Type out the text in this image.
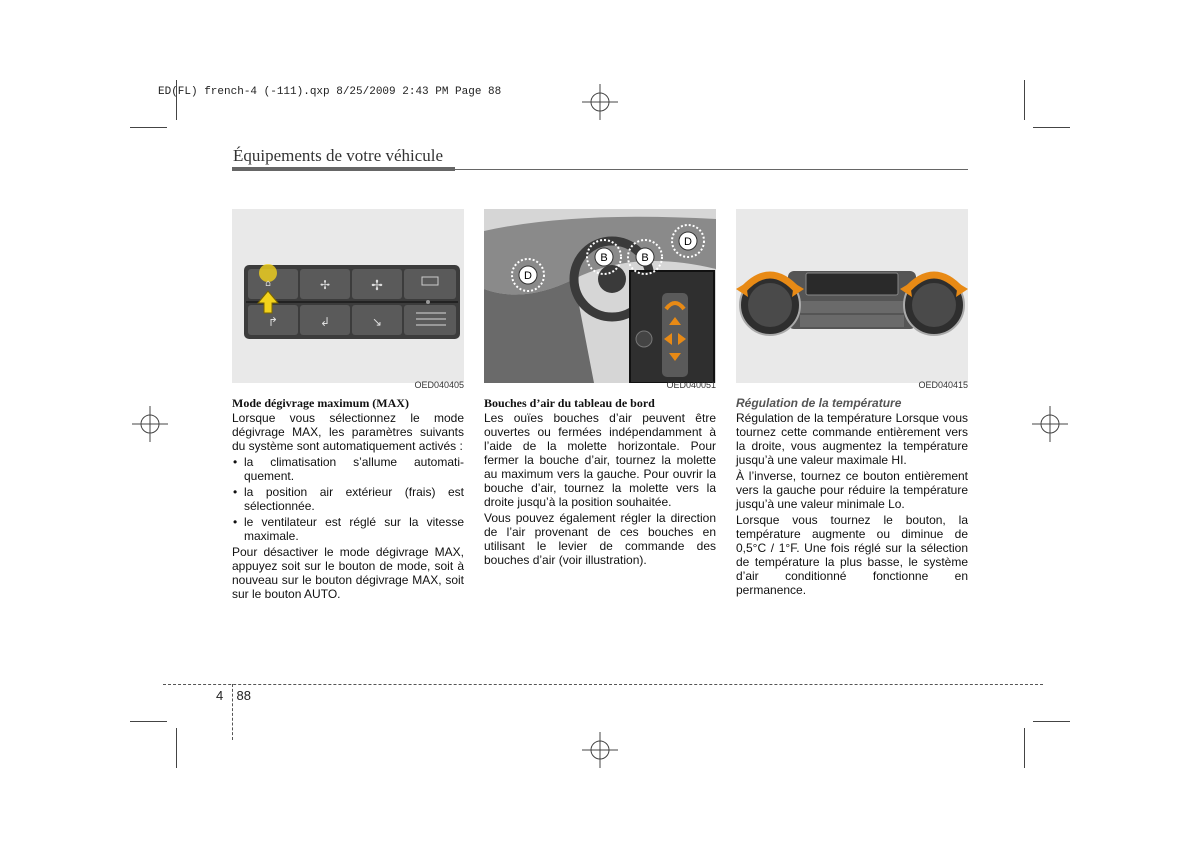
ED(FL) french-4 (-111).qxp 8/25/2009 2:43 PM Page 88
Équipements de votre véhicule
⌂	✢	✢
↱	↲	↘
OED040405
D
B	B
D
OED040051	OED040415

Mode dégivrage maximum (MAX)

Lorsque vous sélectionnez le mode dégivrage MAX, les paramètres suivants du système sont automatiquement activés :

• la climatisation s’allume automati-quement.
• la position air extérieur (frais) est sélectionnée.
• le ventilateur est réglé sur la vitesse maximale.

Pour désactiver le mode dégivrage MAX, appuyez soit sur le bouton de mode, soit à nouveau sur le bouton dégivrage MAX, soit sur le bouton AUTO.

Bouches d’air du tableau de bord

Les ouïes bouches d’air peuvent être ouvertes ou fermées indépendamment à l’aide de la molette horizontale. Pour fermer la bouche d’air, tournez la molette au maximum vers la gauche. Pour ouvrir la bouche d’air, tournez la molette vers la droite jusqu’à la position souhaitée.

Vous pouvez également régler la direction de l’air provenant de ces bouches en utilisant le levier de commande des bouches d’air (voir illustration).

Régulation de la température

Régulation de la température Lorsque vous tournez cette commande entièrement vers la droite, vous augmentez la température jusqu’à une valeur maximale HI.

À l’inverse, tournez ce bouton entièrement vers la gauche pour réduire la température jusqu’à une valeur minimale Lo.

Lorsque vous tournez le bouton, la température augmente ou diminue de 0,5°C / 1°F. Une fois réglé sur la sélection de température la plus basse, le système d’air conditionné fonctionne en permanence.

4 88
